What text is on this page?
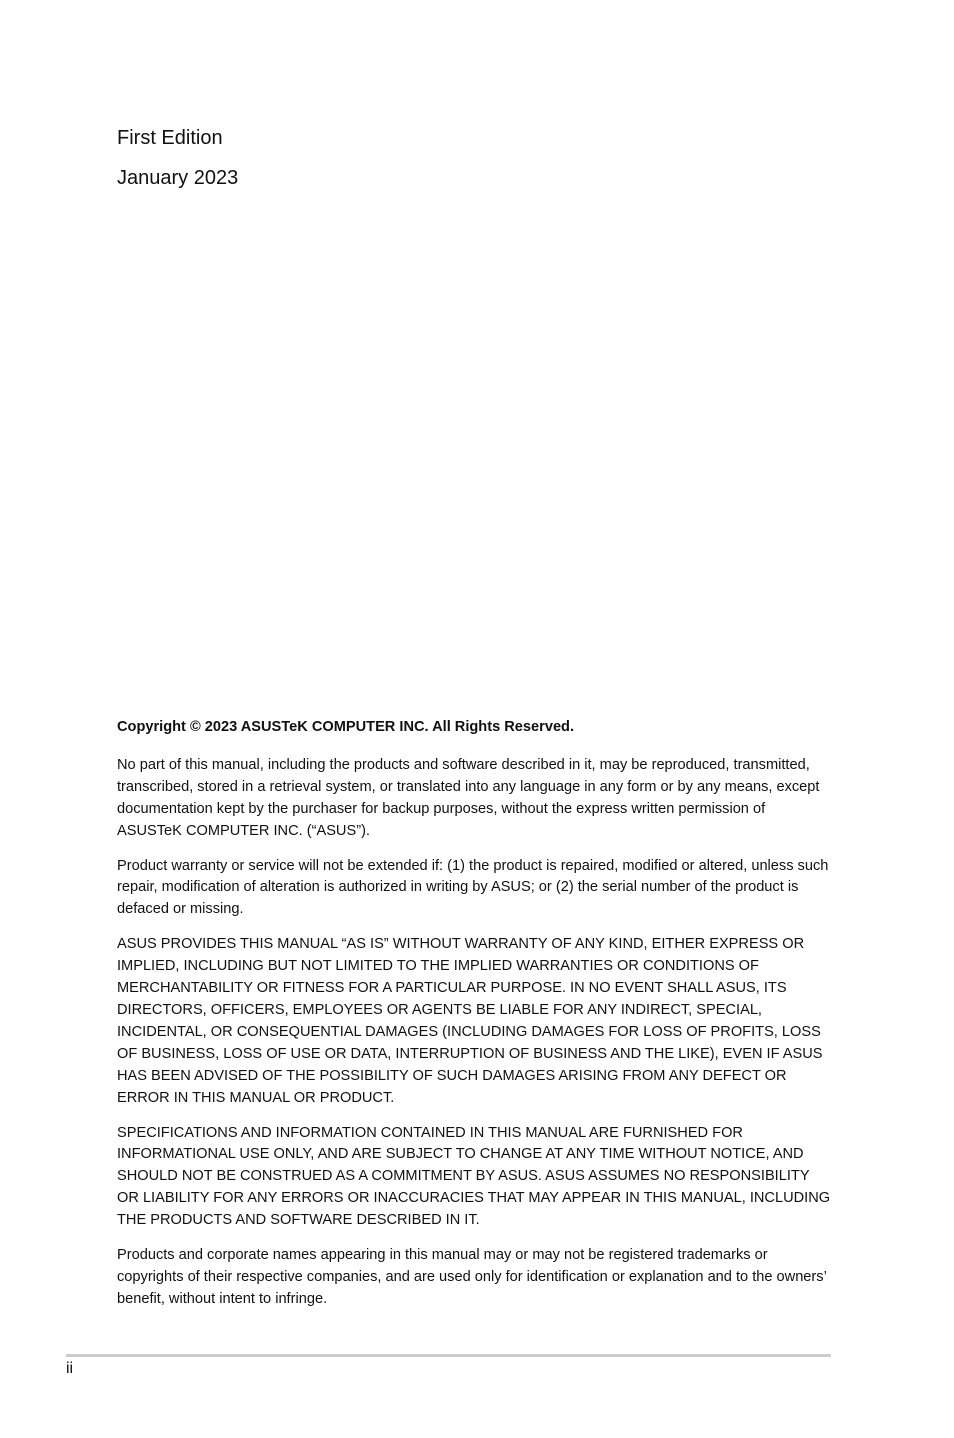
First Edition

January 2023

Copyright © 2023 ASUSTeK COMPUTER INC. All Rights Reserved.

No part of this manual, including the products and software described in it, may be reproduced, transmitted, transcribed, stored in a retrieval system, or translated into any language in any form or by any means, except documentation kept by the purchaser for backup purposes, without the express written permission of ASUSTeK COMPUTER INC. (“ASUS”).

Product warranty or service will not be extended if: (1) the product is repaired, modified or altered, unless such repair, modification of alteration is authorized in writing by ASUS; or (2) the serial number of the product is defaced or missing.

ASUS PROVIDES THIS MANUAL “AS IS” WITHOUT WARRANTY OF ANY KIND, EITHER EXPRESS OR IMPLIED, INCLUDING BUT NOT LIMITED TO THE IMPLIED WARRANTIES OR CONDITIONS OF MERCHANTABILITY OR FITNESS FOR A PARTICULAR PURPOSE. IN NO EVENT SHALL ASUS, ITS DIRECTORS, OFFICERS, EMPLOYEES OR AGENTS BE LIABLE FOR ANY INDIRECT, SPECIAL, INCIDENTAL, OR CONSEQUENTIAL DAMAGES (INCLUDING DAMAGES FOR LOSS OF PROFITS, LOSS OF BUSINESS, LOSS OF USE OR DATA, INTERRUPTION OF BUSINESS AND THE LIKE), EVEN IF ASUS HAS BEEN ADVISED OF THE POSSIBILITY OF SUCH DAMAGES ARISING FROM ANY DEFECT OR ERROR IN THIS MANUAL OR PRODUCT.

SPECIFICATIONS AND INFORMATION CONTAINED IN THIS MANUAL ARE FURNISHED FOR INFORMATIONAL USE ONLY, AND ARE SUBJECT TO CHANGE AT ANY TIME WITHOUT NOTICE, AND SHOULD NOT BE CONSTRUED AS A COMMITMENT BY ASUS. ASUS ASSUMES NO RESPONSIBILITY OR LIABILITY FOR ANY ERRORS OR INACCURACIES THAT MAY APPEAR IN THIS MANUAL, INCLUDING THE PRODUCTS AND SOFTWARE DESCRIBED IN IT.

Products and corporate names appearing in this manual may or may not be registered trademarks or copyrights of their respective companies, and are used only for identification or explanation and to the owners’ benefit, without intent to infringe.

ii
